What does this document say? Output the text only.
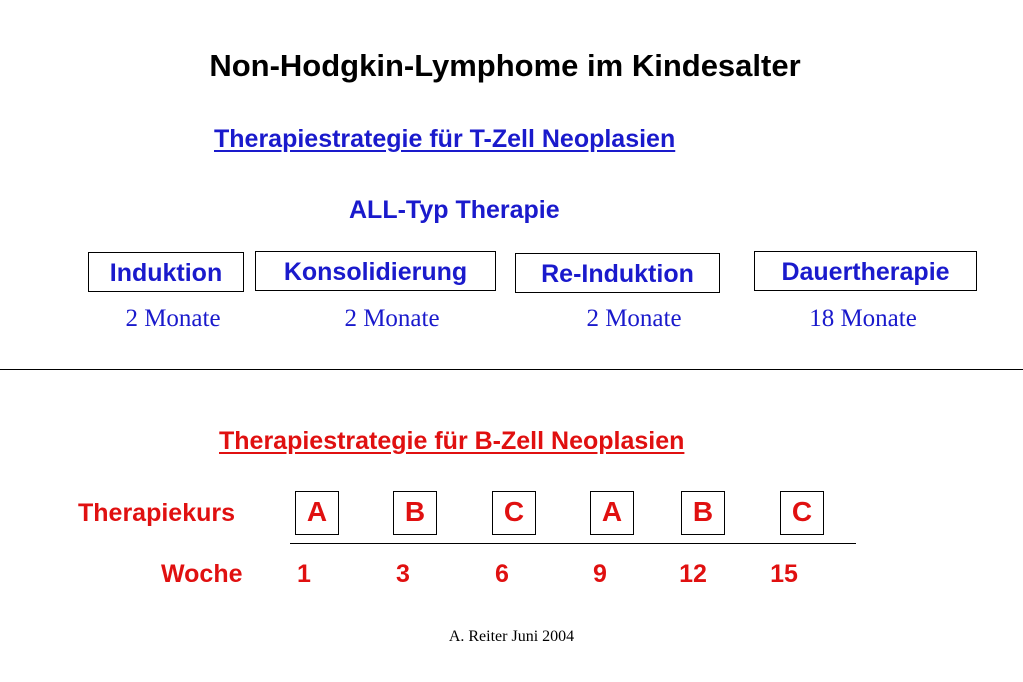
Non-Hodgkin-Lymphome im Kindesalter
Therapiestrategie für T-Zell Neoplasien
ALL-Typ Therapie
Induktion	Konsolidierung	Re-Induktion	Dauertherapie
2 Monate	2 Monate	2 Monate	18 Monate
Therapiestrategie für B-Zell Neoplasien
Therapiekurs	A	B	C	A	B	C
Woche	1	3	6	9	12	15
A. Reiter Juni 2004
